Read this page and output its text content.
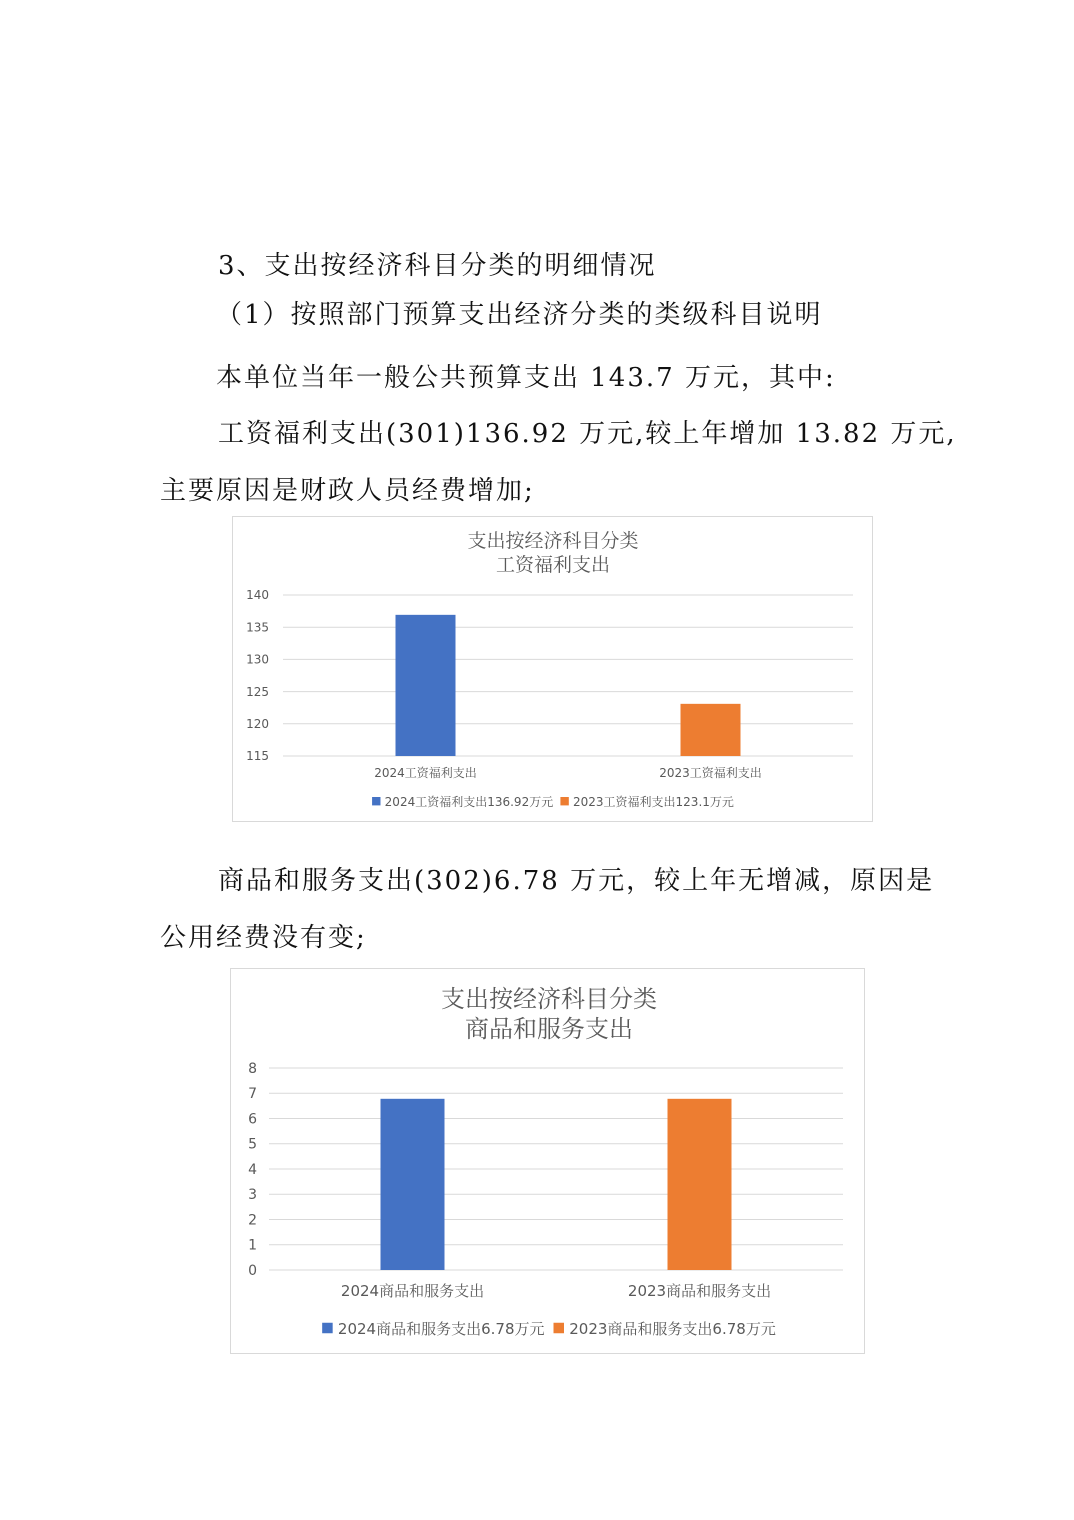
3、支出按经济科目分类的明细情况

（1）按照部门预算支出经济分类的类级科目说明

本单位当年一般公共预算支出 143.7 万元，其中:

工资福利支出(301)136.92 万元,较上年增加 13.82 万元,

主要原因是财政人员经费增加;

支出按经济科目分类
工资福利支出
115
120
125
130
135
140
2024工资福利支出	2023工资福利支出
2024工资福利支出136.92万元 2023工资福利支出123.1万元

商品和服务支出(302)6.78 万元，较上年无增减，原因是

公用经费没有变;

支出按经济科目分类
商品和服务支出
0
1
2
3
4
5
6
7
8
2024商品和服务支出	2023商品和服务支出
2024商品和服务支出6.78万元 2023商品和服务支出6.78万元
